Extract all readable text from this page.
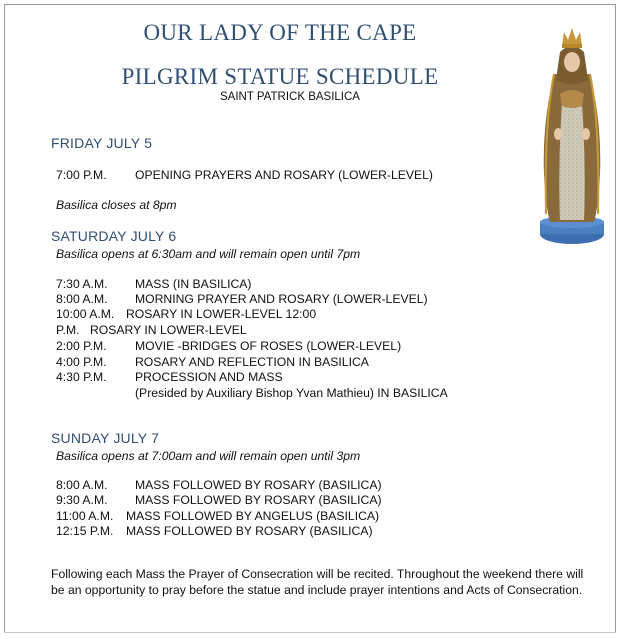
OUR LADY OF THE CAPE
PILGRIM STATUE SCHEDULE
SAINT PATRICK BASILICA
FRIDAY JULY 5
7:00 P.M. OPENING PRAYERS AND ROSARY (LOWER-LEVEL)
Basilica closes at 8pm
SATURDAY JULY 6
Basilica opens at 6:30am and will remain open until 7pm
7:30 A.M. MASS (IN BASILICA)
8:00 A.M. MORNING PRAYER AND ROSARY (LOWER-LEVEL)
10:00 A.M. ROSARY IN LOWER-LEVEL 12:00
P.M. ROSARY IN LOWER-LEVEL
2:00 P.M. MOVIE -BRIDGES OF ROSES (LOWER-LEVEL)
4:00 P.M. ROSARY AND REFLECTION IN BASILICA
4:30 P.M. PROCESSION AND MASS
(Presided by Auxiliary Bishop Yvan Mathieu) IN BASILICA
SUNDAY JULY 7
Basilica opens at 7:00am and will remain open until 3pm
8:00 A.M. MASS FOLLOWED BY ROSARY (BASILICA)
9:30 A.M. MASS FOLLOWED BY ROSARY (BASILICA)
11:00 A.M. MASS FOLLOWED BY ANGELUS (BASILICA)
12:15 P.M. MASS FOLLOWED BY ROSARY (BASILICA)
Following each Mass the Prayer of Consecration will be recited. Throughout the weekend there will be an opportunity to pray before the statue and include prayer intentions and Acts of Consecration.
